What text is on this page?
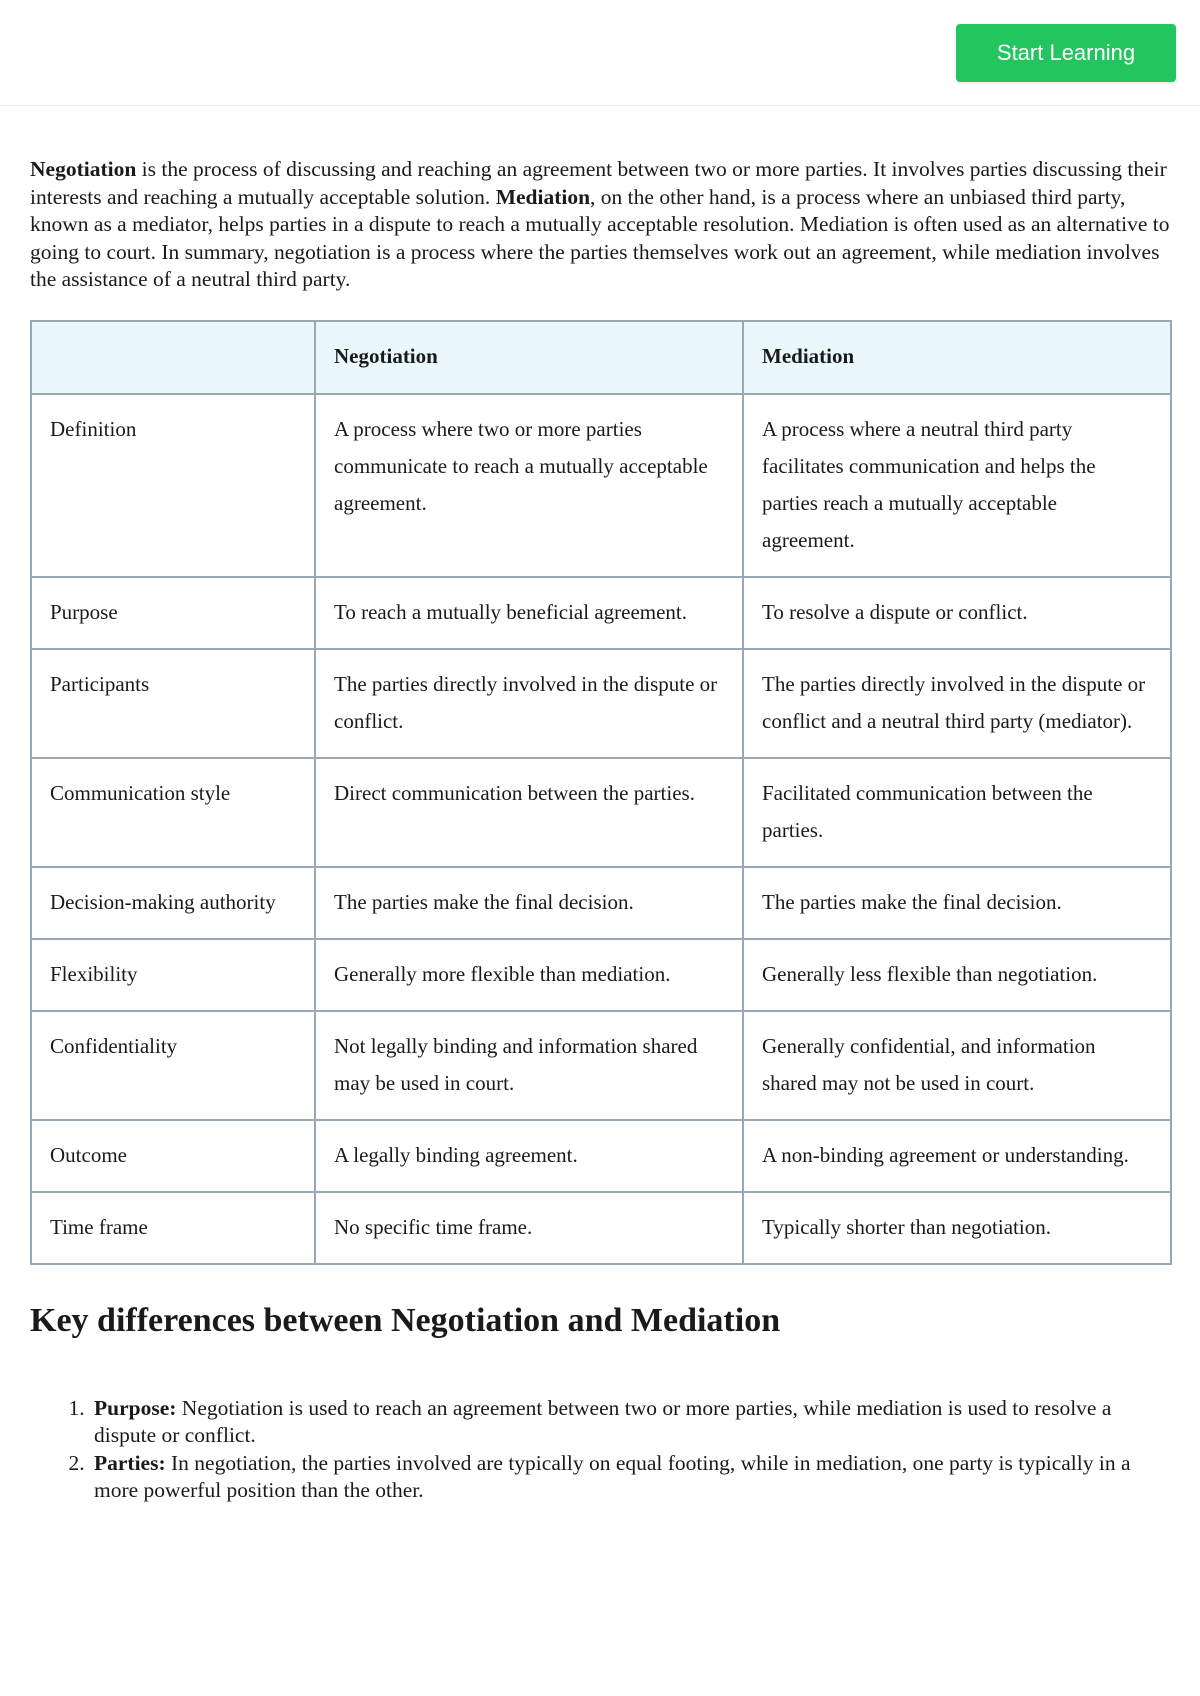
Start Learning

Negotiation is the process of discussing and reaching an agreement between two or more parties. It involves parties discussing their interests and reaching a mutually acceptable solution. Mediation, on the other hand, is a process where an unbiased third party, known as a mediator, helps parties in a dispute to reach a mutually acceptable resolution. Mediation is often used as an alternative to going to court. In summary, negotiation is a process where the parties themselves work out an agreement, while mediation involves the assistance of a neutral third party.

	Negotiation	Mediation
Definition	A process where two or more parties communicate to reach a mutually acceptable agreement.	A process where a neutral third party facilitates communication and helps the parties reach a mutually acceptable agreement.
Purpose	To reach a mutually beneficial agreement.	To resolve a dispute or conflict.
Participants	The parties directly involved in the dispute or conflict.	The parties directly involved in the dispute or conflict and a neutral third party (mediator).
Communication style	Direct communication between the parties.	Facilitated communication between the parties.
Decision-making authority	The parties make the final decision.	The parties make the final decision.
Flexibility	Generally more flexible than mediation.	Generally less flexible than negotiation.
Confidentiality	Not legally binding and information shared may be used in court.	Generally confidential, and information shared may not be used in court.
Outcome	A legally binding agreement.	A non-binding agreement or understanding.
Time frame	No specific time frame.	Typically shorter than negotiation.
Key differences between Negotiation and Mediation
1. Purpose: Negotiation is used to reach an agreement between two or more parties, while mediation is used to resolve a dispute or conflict.
2. Parties: In negotiation, the parties involved are typically on equal footing, while in mediation, one party is typically in a more powerful position than the other.
